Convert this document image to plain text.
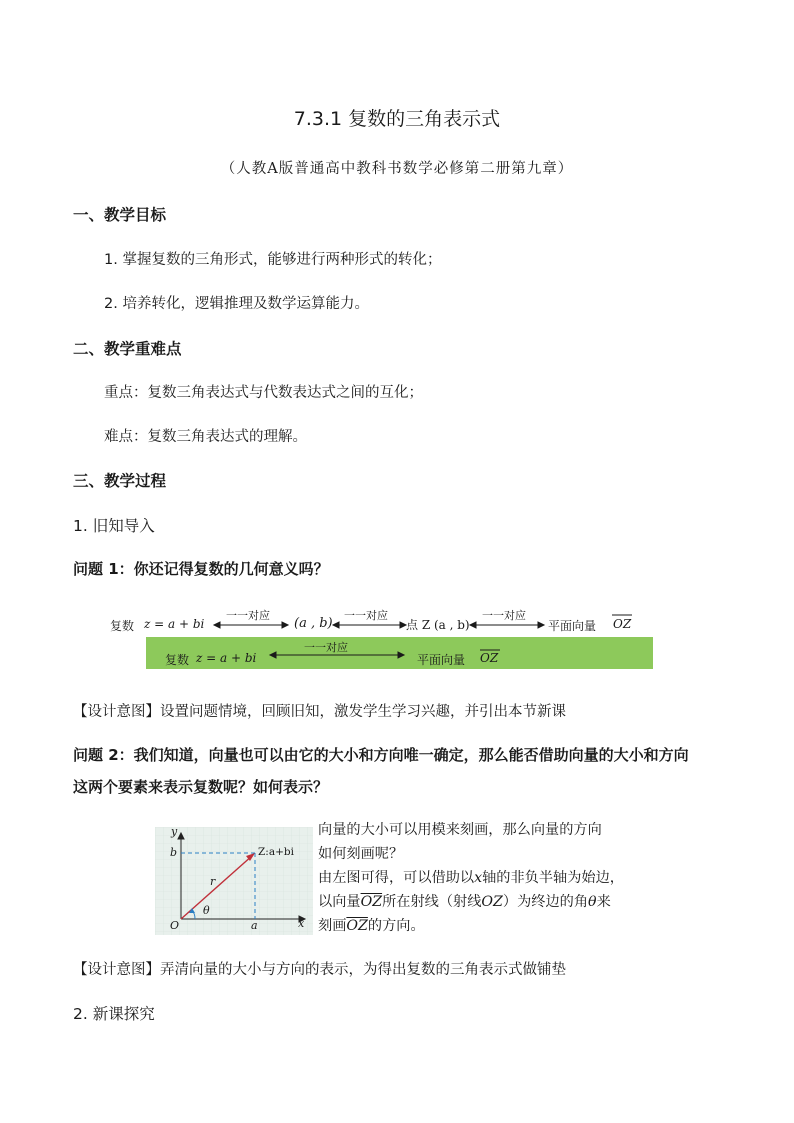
7.3.1 复数的三角表示式
（人教A版普通高中教科书数学必修第二册第九章）
一、教学目标
1. 掌握复数的三角形式，能够进行两种形式的转化；
2. 培养转化，逻辑推理及数学运算能力。
二、教学重难点
重点：复数三角表达式与代数表达式之间的互化；
难点：复数三角表达式的理解。
三、教学过程
1. 旧知导入
问题 1：你还记得复数的几何意义吗？
复数 z = a + bi
一一对应
(a , b)
一一对应
点 Z (a , b)
一一对应
平面向量 OZ
复数 z = a + bi
一一对应
平面向量 OZ
【设计意图】设置问题情境，回顾旧知，激发学生学习兴趣，并引出本节新课
问题 2：我们知道，向量也可以由它的大小和方向唯一确定，那么能否借助向量的大小和方向
这两个要素来表示复数呢？如何表示？
y
x
O	a
b	Z:a+bi
r
θ
向量的大小可以用模来刻画，那么向量的方向
如何刻画呢？
由左图可得，可以借助以x轴的非负半轴为始边，
以向量$\overline{OZ}$所在射线（射线OZ）为终边的角θ来
刻画$\overline{OZ}$的方向。
【设计意图】弄清向量的大小与方向的表示，为得出复数的三角表示式做铺垫
2. 新课探究
